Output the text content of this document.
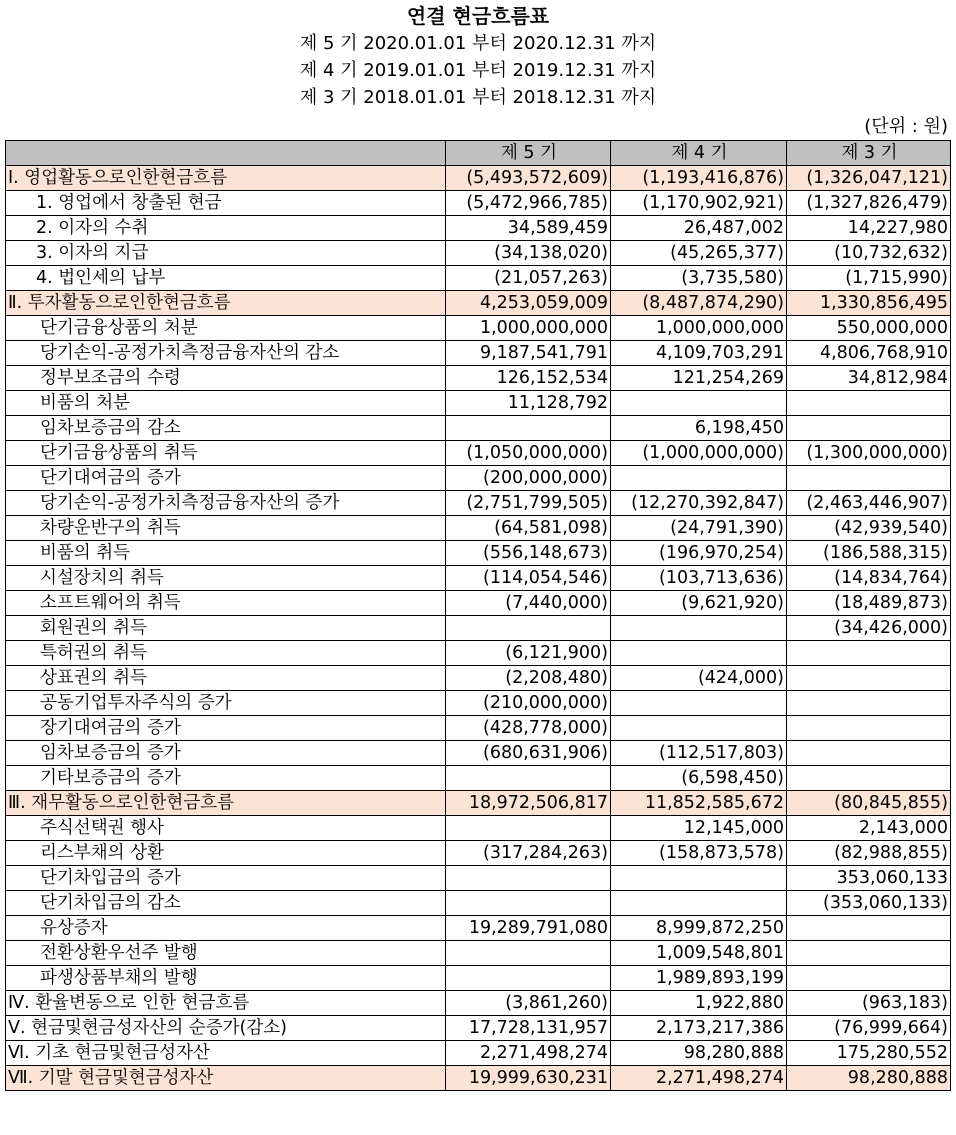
연결 현금흐름표
제 5 기 2020.01.01 부터 2020.12.31 까지
제 4 기 2019.01.01 부터 2019.12.31 까지
제 3 기 2018.01.01 부터 2018.12.31 까지
(단위 : 원)
	제 5 기	제 4 기	제 3 기
Ⅰ. 영업활동으로인한현금흐름	(5,493,572,609)	(1,193,416,876)	(1,326,047,121)
1. 영업에서 창출된 현금	(5,472,966,785)	(1,170,902,921)	(1,327,826,479)
2. 이자의 수취	34,589,459	26,487,002	14,227,980
3. 이자의 지급	(34,138,020)	(45,265,377)	(10,732,632)
4. 법인세의 납부	(21,057,263)	(3,735,580)	(1,715,990)
Ⅱ. 투자활동으로인한현금흐름	4,253,059,009	(8,487,874,290)	1,330,856,495
단기금융상품의 처분	1,000,000,000	1,000,000,000	550,000,000
당기손익-공정가치측정금융자산의 감소	9,187,541,791	4,109,703,291	4,806,768,910
정부보조금의 수령	126,152,534	121,254,269	34,812,984
비품의 처분	11,128,792		
임차보증금의 감소		6,198,450	
단기금융상품의 취득	(1,050,000,000)	(1,000,000,000)	(1,300,000,000)
단기대여금의 증가	(200,000,000)		
당기손익-공정가치측정금융자산의 증가	(2,751,799,505)	(12,270,392,847)	(2,463,446,907)
차량운반구의 취득	(64,581,098)	(24,791,390)	(42,939,540)
비품의 취득	(556,148,673)	(196,970,254)	(186,588,315)
시설장치의 취득	(114,054,546)	(103,713,636)	(14,834,764)
소프트웨어의 취득	(7,440,000)	(9,621,920)	(18,489,873)
회원권의 취득			(34,426,000)
특허권의 취득	(6,121,900)		
상표권의 취득	(2,208,480)	(424,000)	
공동기업투자주식의 증가	(210,000,000)		
장기대여금의 증가	(428,778,000)		
임차보증금의 증가	(680,631,906)	(112,517,803)	
기타보증금의 증가		(6,598,450)	
Ⅲ. 재무활동으로인한현금흐름	18,972,506,817	11,852,585,672	(80,845,855)
주식선택권 행사		12,145,000	2,143,000
리스부채의 상환	(317,284,263)	(158,873,578)	(82,988,855)
단기차입금의 증가			353,060,133
단기차입금의 감소			(353,060,133)
유상증자	19,289,791,080	8,999,872,250	
전환상환우선주 발행		1,009,548,801	
파생상품부채의 발행		1,989,893,199	
Ⅳ. 환율변동으로 인한 현금흐름	(3,861,260)	1,922,880	(963,183)
Ⅴ. 현금및현금성자산의 순증가(감소)	17,728,131,957	2,173,217,386	(76,999,664)
Ⅵ. 기초 현금및현금성자산	2,271,498,274	98,280,888	175,280,552
Ⅶ. 기말 현금및현금성자산	19,999,630,231	2,271,498,274	98,280,888
